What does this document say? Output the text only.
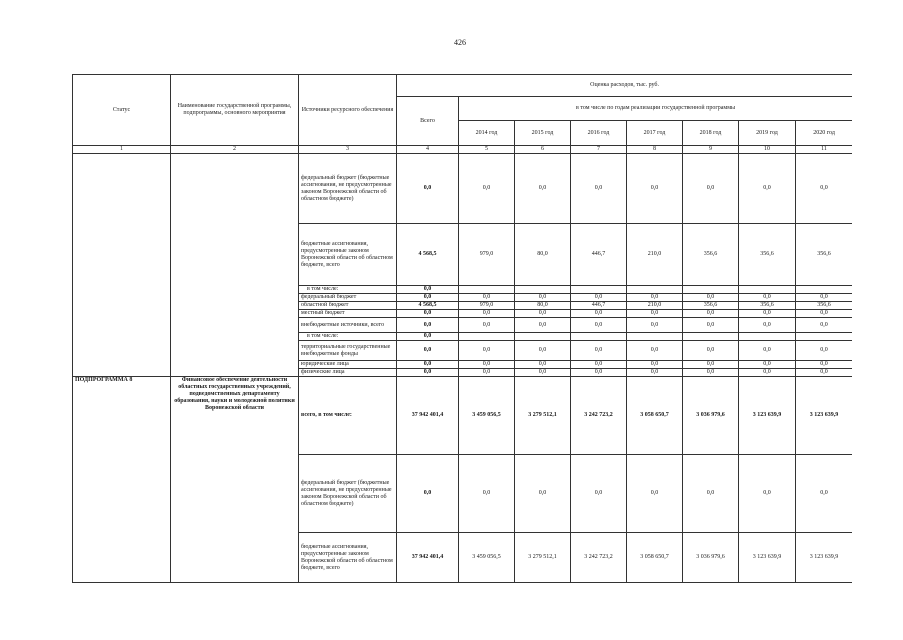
426
Статус	Наименование государственной программы, подпрограммы, основного мероприятия	Источники ресурсного обеспечения	Оценка расходов, тыс. руб.							
			Всего	в том числе по годам реализации государственной программы						
				2014 год	2015 год	2016 год	2017 год	2018 год	2019 год	2020 год
1	2	3	4	5	6	7	8	9	10	11
		федеральный бюджет (бюджетные ассигнования, не предусмотренные законом Воронежской области об областном бюджете)	0,0	0,0	0,0	0,0	0,0	0,0	0,0	0,0
		бюджетные ассигнования, предусмотренные законом Воронежской области об областном бюджете, всего	4 568,5	979,0	80,0	446,7	210,0	356,6	356,6	356,6
		в том числе:	0,0							
		федеральный бюджет	0,0	0,0	0,0	0,0	0,0	0,0	0,0	0,0
		областной бюджет	4 568,5	979,0	80,0	446,7	210,0	356,6	356,6	356,6
		местный бюджет	0,0	0,0	0,0	0,0	0,0	0,0	0,0	0,0
		внебюджетные источники, всего	0,0	0,0	0,0	0,0	0,0	0,0	0,0	0,0
		в том числе:	0,0							
		территориальные государственные внебюджетные фонды	0,0	0,0	0,0	0,0	0,0	0,0	0,0	0,0
		юридические лица	0,0	0,0	0,0	0,0	0,0	0,0	0,0	0,0
		физические лица	0,0	0,0	0,0	0,0	0,0	0,0	0,0	0,0
ПОДПРОГРАММА 8	Финансовое обеспечение деятельности областных государственных учреждений, подведомственных департаменту образования, науки и молодежной политики Воронежской области	всего, в том числе:	37 942 401,4	3 459 056,5	3 279 512,1	3 242 723,2	3 058 650,7	3 036 979,6	3 123 639,9	3 123 639,9
		федеральный бюджет (бюджетные ассигнования, не предусмотренные законом Воронежской области об областном бюджете)	0,0	0,0	0,0	0,0	0,0	0,0	0,0	0,0
		бюджетные ассигнования, предусмотренные законом Воронежской области об областном бюджете, всего	37 942 401,4	3 459 056,5	3 279 512,1	3 242 723,2	3 058 650,7	3 036 979,6	3 123 639,9	3 123 639,9
